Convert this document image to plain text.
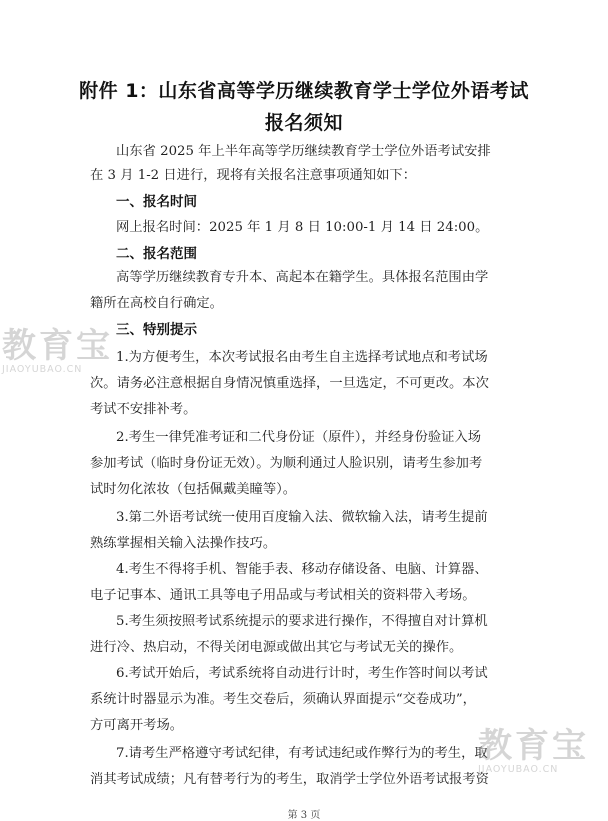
附件 1：山东省高等学历继续教育学士学位外语考试
报名须知
山东省 2025 年上半年高等学历继续教育学士学位外语考试安排
在 3 月 1-2 日进行，现将有关报名注意事项通知如下：
一、报名时间
网上报名时间：2025 年 1 月 8 日 10:00-1 月 14 日 24:00。
二、报名范围
高等学历继续教育专升本、高起本在籍学生。具体报名范围由学
籍所在高校自行确定。
三、特别提示
1.为方便考生，本次考试报名由考生自主选择考试地点和考试场
次。请务必注意根据自身情况慎重选择，一旦选定，不可更改。本次
考试不安排补考。
2.考生一律凭准考证和二代身份证（原件），并经身份验证入场
参加考试（临时身份证无效）。为顺利通过人脸识别，请考生参加考
试时勿化浓妆（包括佩戴美瞳等）。
3.第二外语考试统一使用百度输入法、微软输入法，请考生提前
熟练掌握相关输入法操作技巧。
4.考生不得将手机、智能手表、移动存储设备、电脑、计算器、
电子记事本、通讯工具等电子用品或与考试相关的资料带入考场。
5.考生须按照考试系统提示的要求进行操作，不得擅自对计算机
进行冷、热启动，不得关闭电源或做出其它与考试无关的操作。
6.考试开始后，考试系统将自动进行计时，考生作答时间以考试
系统计时器显示为准。考生交卷后，须确认界面提示“交卷成功”，
方可离开考场。
7.请考生严格遵守考试纪律，有考试违纪或作弊行为的考生，取
消其考试成绩；凡有替考行为的考生，取消学士学位外语考试报考资
第 3 页
教育宝
JIAOYUBAO.CN
教育宝
JIAOYUBAO.CN
